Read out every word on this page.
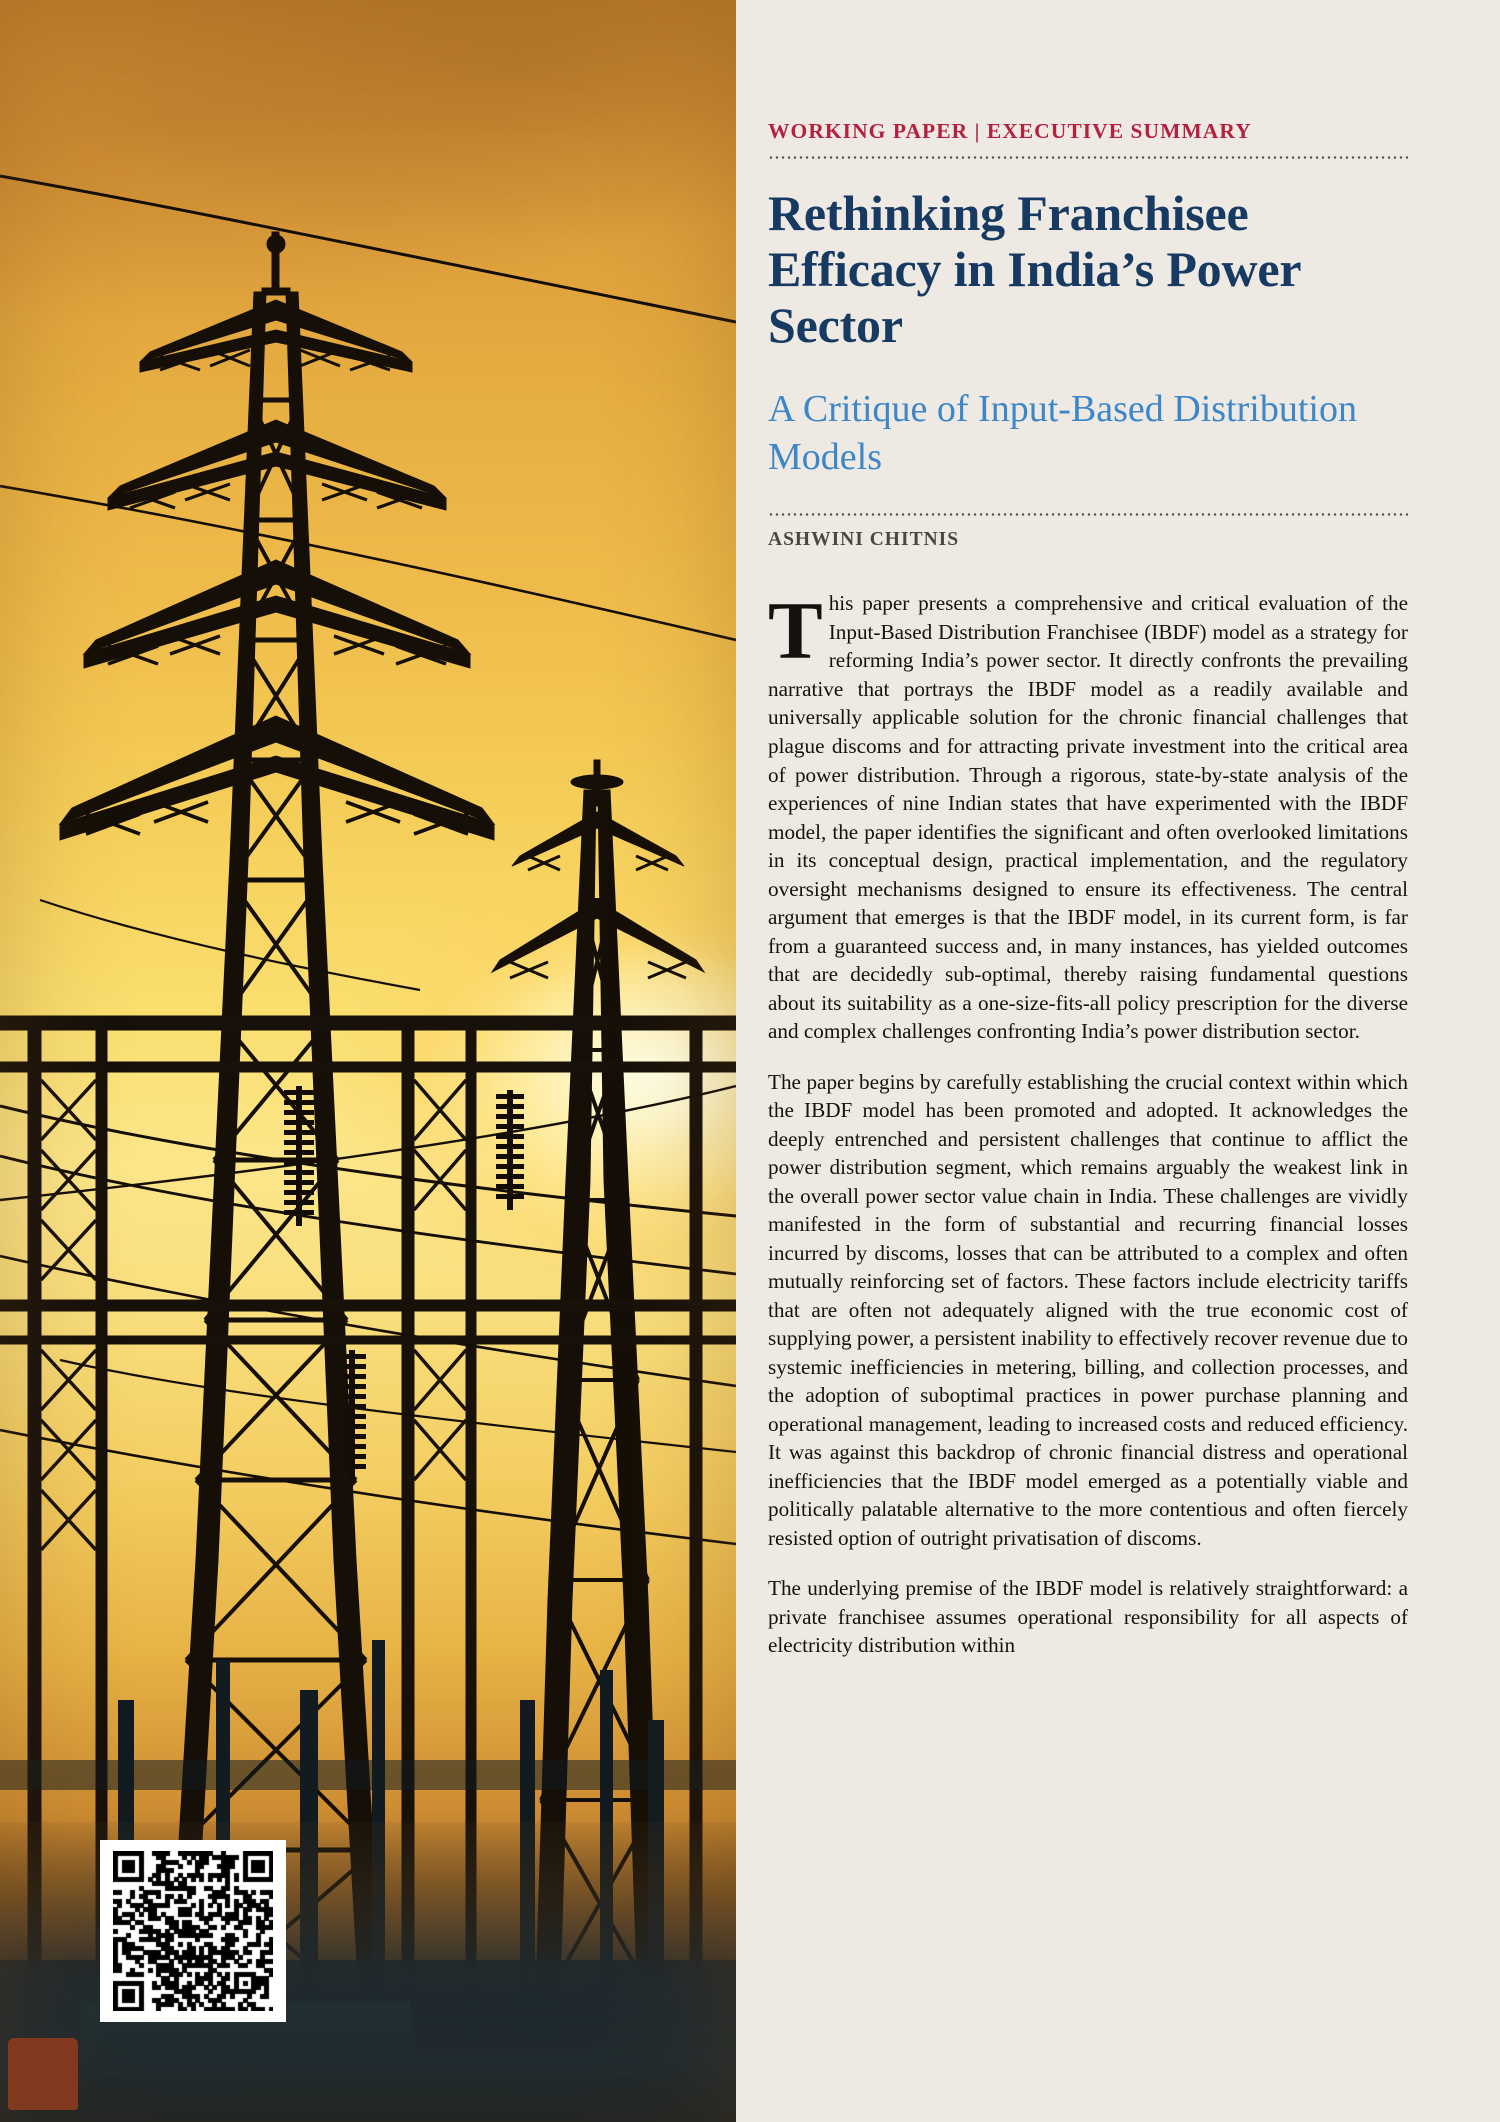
WORKING PAPER | EXECUTIVE SUMMARY
Rethinking Franchisee Efficacy in India’s Power Sector
A Critique of Input-Based Distribution Models
ASHWINI CHITNIS

This paper presents a comprehensive and critical evaluation of the Input-Based Distribution Franchisee (IBDF) model as a strategy for reforming India’s power sector. It directly confronts the prevailing narrative that portrays the IBDF model as a readily available and universally applicable solution for the chronic financial challenges that plague discoms and for attracting private investment into the critical area of power distribution. Through a rigorous, state-by-state analysis of the experiences of nine Indian states that have experimented with the IBDF model, the paper identifies the significant and often overlooked limitations in its conceptual design, practical implementation, and the regulatory oversight mechanisms designed to ensure its effectiveness. The central argument that emerges is that the IBDF model, in its current form, is far from a guaranteed success and, in many instances, has yielded outcomes that are decidedly sub-optimal, thereby raising fundamental questions about its suitability as a one-size-fits-all policy prescription for the diverse and complex challenges confronting India’s power distribution sector.

The paper begins by carefully establishing the crucial context within which the IBDF model has been promoted and adopted. It acknowledges the deeply entrenched and persistent challenges that continue to afflict the power distribution segment, which remains arguably the weakest link in the overall power sector value chain in India. These challenges are vividly manifested in the form of substantial and recurring financial losses incurred by discoms, losses that can be attributed to a complex and often mutually reinforcing set of factors. These factors include electricity tariffs that are often not adequately aligned with the true economic cost of supplying power, a persistent inability to effectively recover revenue due to systemic inefficiencies in metering, billing, and collection processes, and the adoption of suboptimal practices in power purchase planning and operational management, leading to increased costs and reduced efficiency. It was against this backdrop of chronic financial distress and operational inefficiencies that the IBDF model emerged as a potentially viable and politically palatable alternative to the more contentious and often fiercely resisted option of outright privatisation of discoms.

The underlying premise of the IBDF model is relatively straightforward: a private franchisee assumes operational responsibility for all aspects of electricity distribution within
